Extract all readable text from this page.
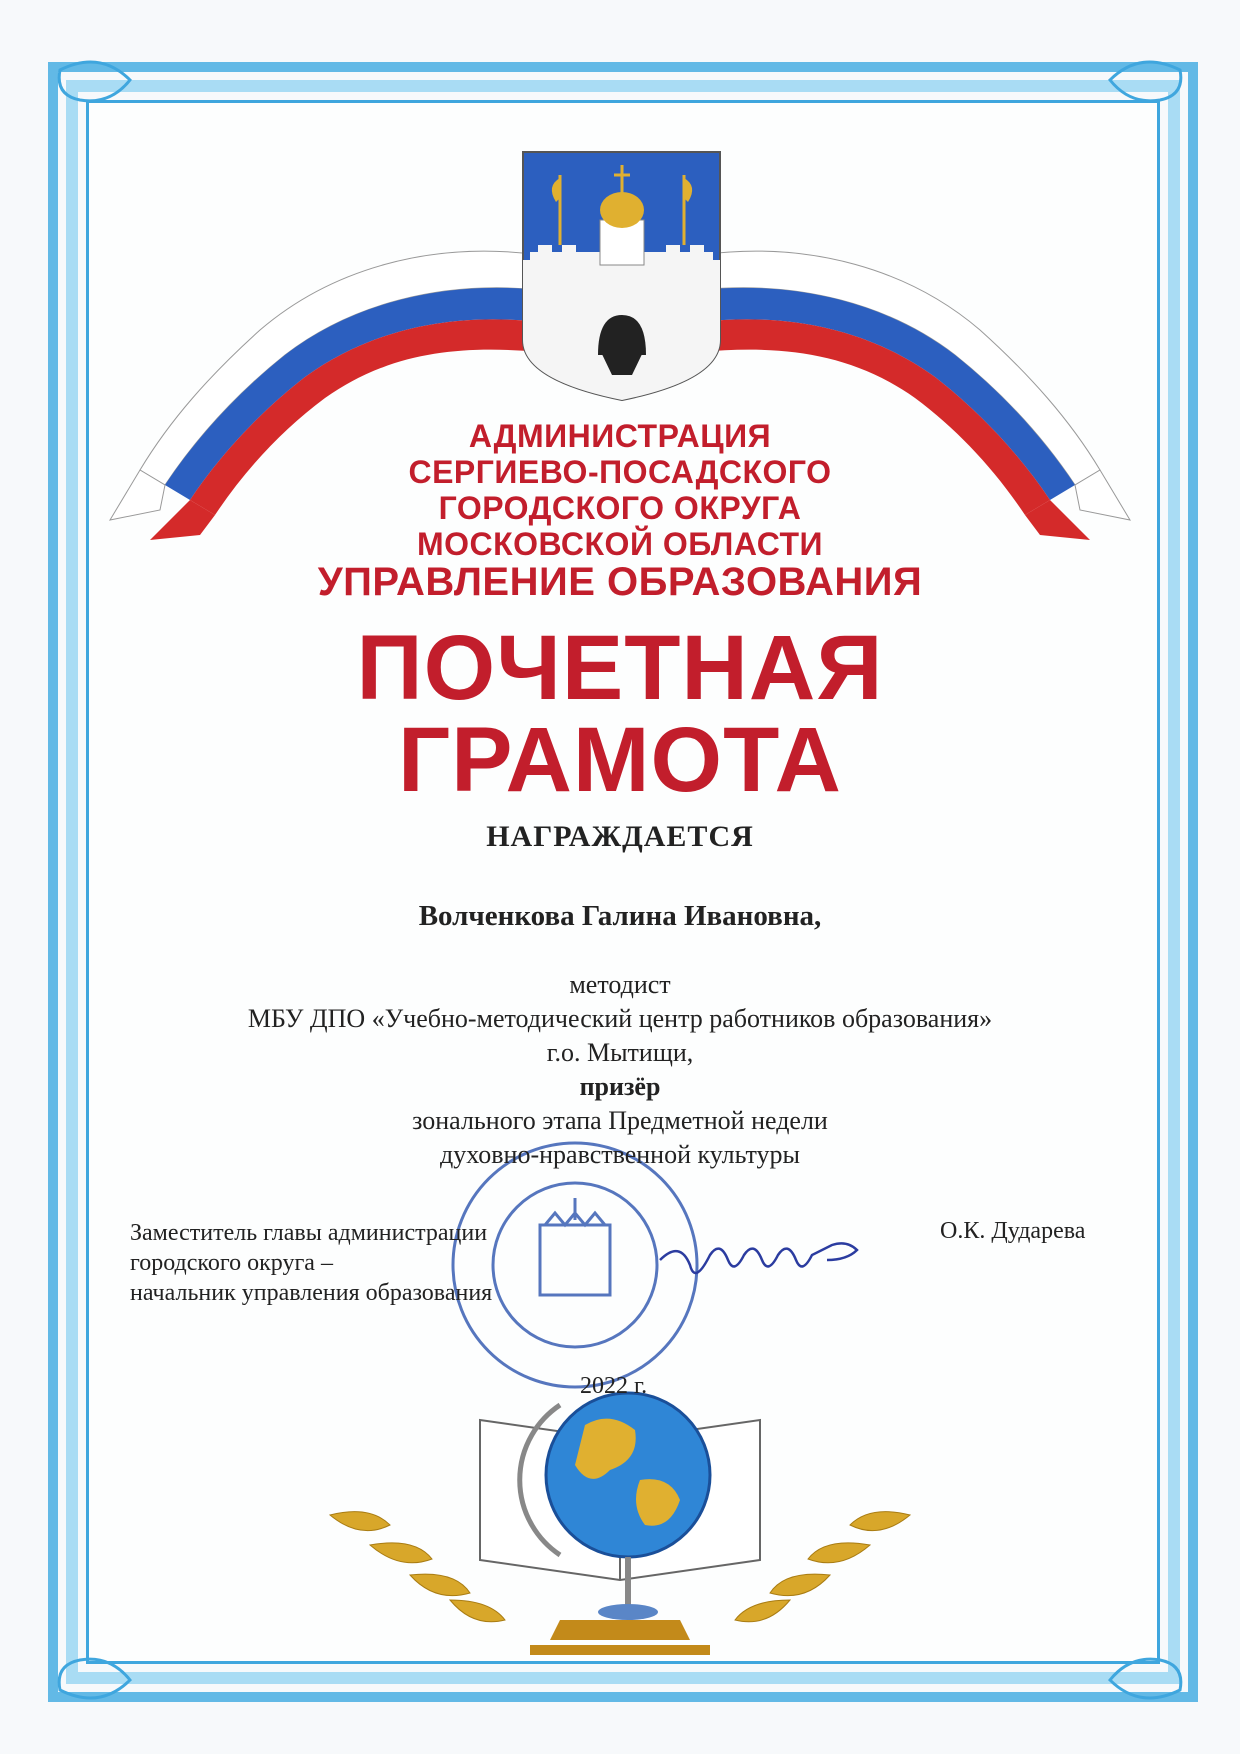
АДМИНИСТРАЦИЯ
СЕРГИЕВО-ПОСАДСКОГО
ГОРОДСКОГО ОКРУГА
МОСКОВСКОЙ ОБЛАСТИ
УПРАВЛЕНИЕ ОБРАЗОВАНИЯ
ПОЧЕТНАЯ
ГРАМОТА
НАГРАЖДАЕТСЯ
Волченкова Галина Ивановна,
методист
МБУ ДПО «Учебно-методический центр работников образования»
г.о. Мытищи,
призёр
зонального этапа Предметной недели
духовно-нравственной культуры
Заместитель главы администрации
городского округа –
начальник управления образования
О.К. Дударева
2022 г.
